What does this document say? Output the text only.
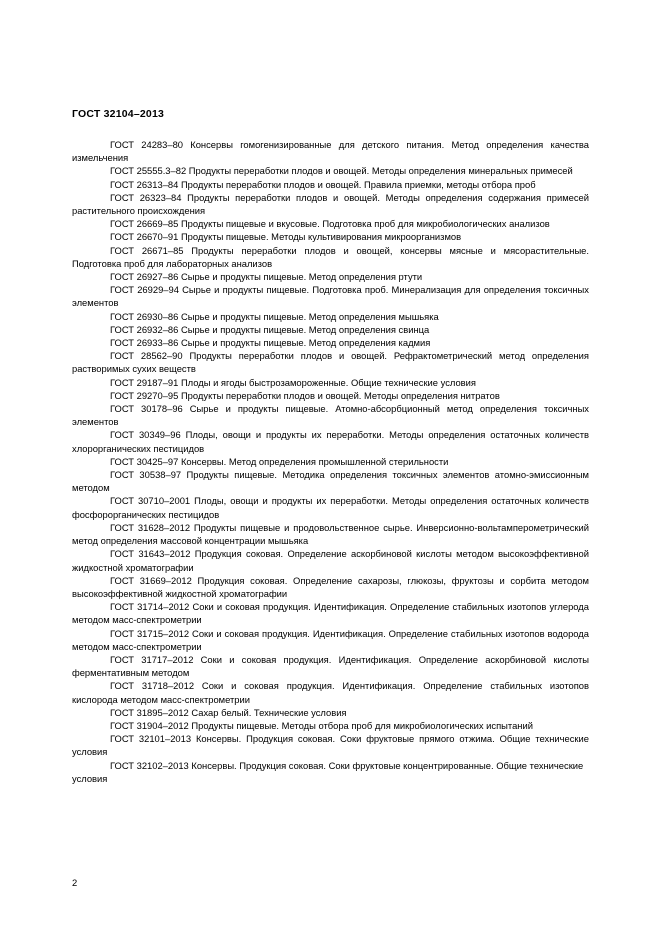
ГОСТ 32104–2013

ГОСТ 24283–80 Консервы гомогенизированные для детского питания. Метод определения качества измельчения

ГОСТ 25555.3–82 Продукты переработки плодов и овощей. Методы определения минеральных примесей

ГОСТ 26313–84 Продукты переработки плодов и овощей. Правила приемки, методы отбора проб

ГОСТ 26323–84 Продукты переработки плодов и овощей. Методы определения содержания примесей растительного происхождения

ГОСТ 26669–85 Продукты пищевые и вкусовые. Подготовка проб для микробиологических анализов

ГОСТ 26670–91 Продукты пищевые. Методы культивирования микроорганизмов

ГОСТ 26671–85 Продукты переработки плодов и овощей, консервы мясные и мясорастительные. Подготовка проб для лабораторных анализов

ГОСТ 26927–86 Сырье и продукты пищевые. Метод определения ртути

ГОСТ 26929–94 Сырье и продукты пищевые. Подготовка проб. Минерализация для определения токсичных элементов

ГОСТ 26930–86 Сырье и продукты пищевые. Метод определения мышьяка

ГОСТ 26932–86 Сырье и продукты пищевые. Метод определения свинца

ГОСТ 26933–86 Сырье и продукты пищевые. Метод определения кадмия

ГОСТ 28562–90 Продукты переработки плодов и овощей. Рефрактометрический метод определения растворимых сухих веществ

ГОСТ 29187–91 Плоды и ягоды быстрозамороженные. Общие технические условия

ГОСТ 29270–95 Продукты переработки плодов и овощей. Методы определения нитратов

ГОСТ 30178–96 Сырье и продукты пищевые. Атомно-абсорбционный метод определения токсичных элементов

ГОСТ 30349–96 Плоды, овощи и продукты их переработки. Методы определения остаточных количеств хлорорганических пестицидов

ГОСТ 30425–97 Консервы. Метод определения промышленной стерильности

ГОСТ 30538–97 Продукты пищевые. Методика определения токсичных элементов атомно-эмиссионным методом

ГОСТ 30710–2001 Плоды, овощи и продукты их переработки. Методы определения остаточных количеств фосфорорганических пестицидов

ГОСТ 31628–2012 Продукты пищевые и продовольственное сырье. Инверсионно-вольтамперометрический метод определения массовой концентрации мышьяка

ГОСТ 31643–2012 Продукция соковая. Определение аскорбиновой кислоты методом высокоэффективной жидкостной хроматографии

ГОСТ 31669–2012 Продукция соковая. Определение сахарозы, глюкозы, фруктозы и сорбита методом высокоэффективной жидкостной хроматографии

ГОСТ 31714–2012 Соки и соковая продукция. Идентификация. Определение стабильных изотопов углерода методом масс-спектрометрии

ГОСТ 31715–2012 Соки и соковая продукция. Идентификация. Определение стабильных изотопов водорода методом масс-спектрометрии

ГОСТ 31717–2012 Соки и соковая продукция. Идентификация. Определение аскорбиновой кислоты ферментативным методом

ГОСТ 31718–2012 Соки и соковая продукция. Идентификация. Определение стабильных изотопов кислорода методом масс-спектрометрии

ГОСТ 31895–2012 Сахар белый. Технические условия

ГОСТ 31904–2012 Продукты пищевые. Методы отбора проб для микробиологических испытаний

ГОСТ 32101–2013 Консервы. Продукция соковая. Соки фруктовые прямого отжима. Общие технические условия

ГОСТ 32102–2013 Консервы. Продукция соковая. Соки фруктовые концентрированные. Общие технические условия

2
